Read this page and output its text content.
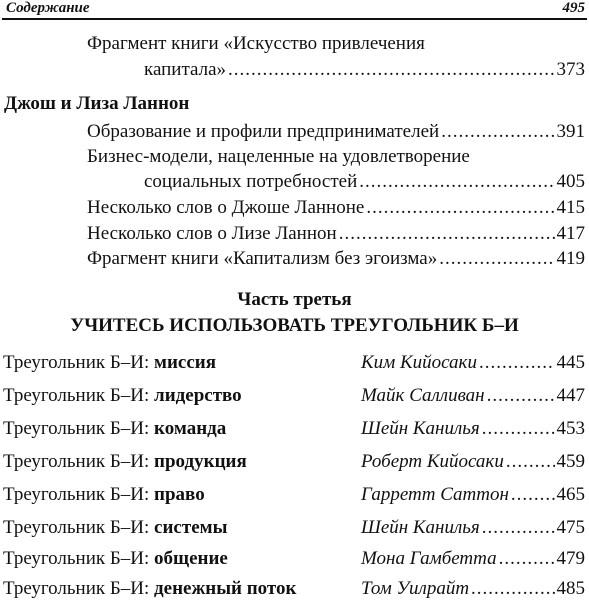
Содержание	495
Фрагмент книги «Искусство привлечения
капитала» .....	373
Джош и Лиза Ланнон
Образование и профили предпринимателей .....	391
Бизнес-модели, нацеленные на удовлетворение
социальных потребностей .....	405
Несколько слов о Джоше Ланноне .....	415
Несколько слов о Лизе Ланнон .....	417
Фрагмент книги «Капитализм без эгоизма» .....	419
Часть третья
УЧИТЕСЬ ИСПОЛЬЗОВАТЬ ТРЕУГОЛЬНИК Б–И
Треугольник Б–И: миссия	Ким Кийосаки .....	445
Треугольник Б–И: лидерство	Майк Салливан .....	447
Треугольник Б–И: команда	Шейн Канилья .....	453
Треугольник Б–И: продукция	Роберт Кийосаки .....	459
Треугольник Б–И: право	Гарретт Саттон .....	465
Треугольник Б–И: системы	Шейн Канилья .....	475
Треугольник Б–И: общение	Мона Гамбетта .....	479
Треугольник Б–И: денежный поток	Том Уилрайт .....	485
